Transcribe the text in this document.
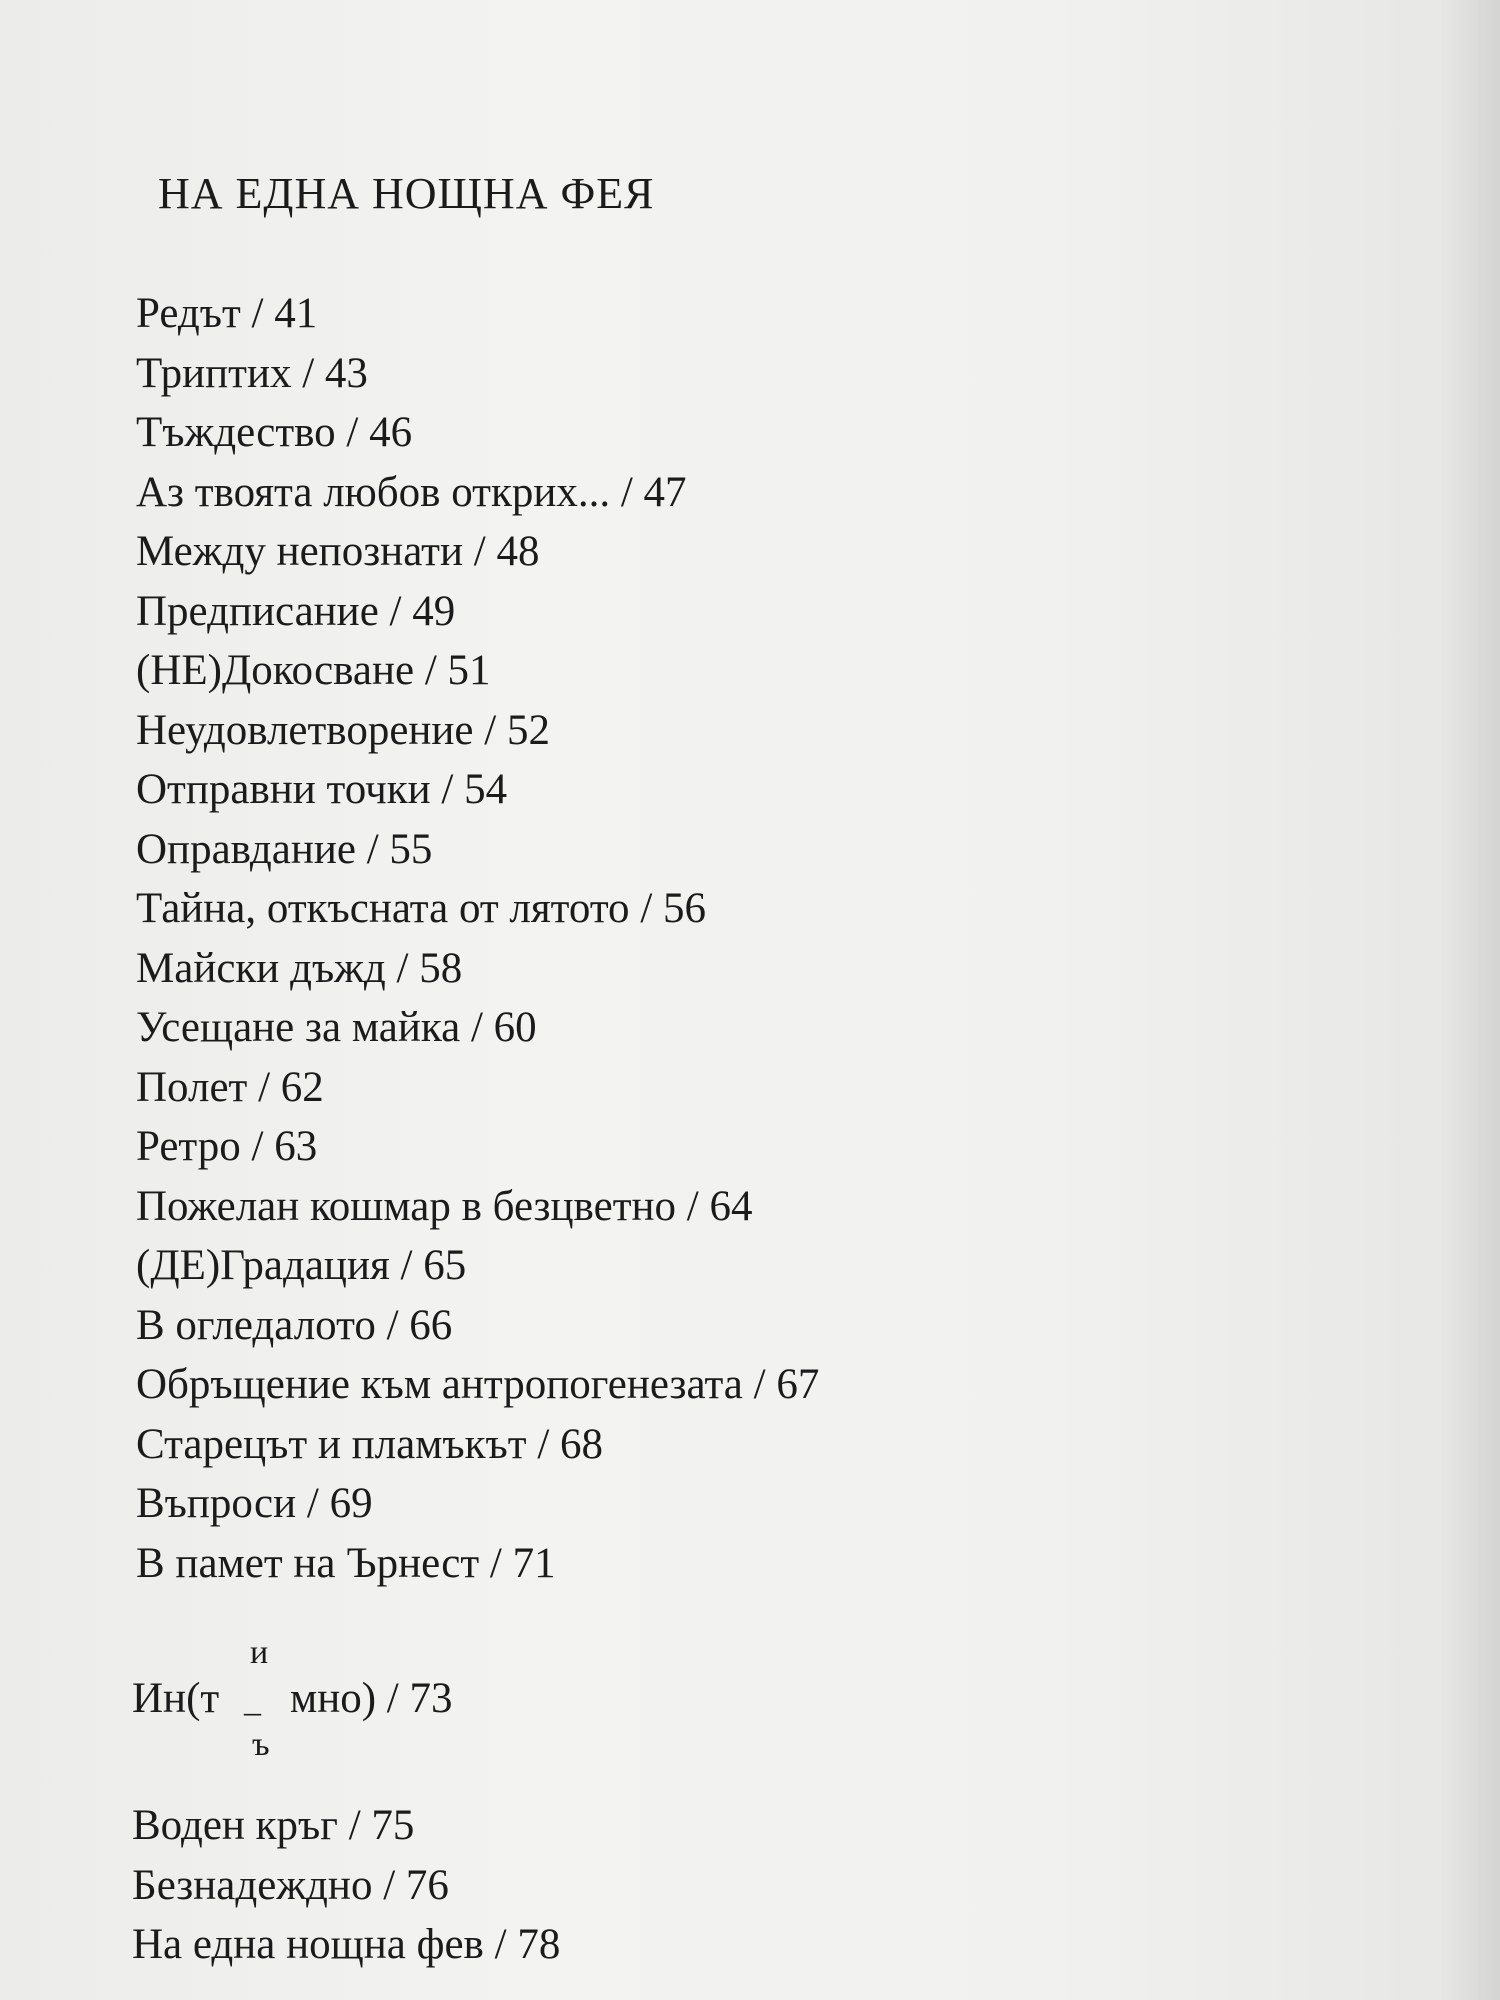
НА ЕДНА НОЩНА ФЕЯ
Редът / 41
Триптих / 43
Тъждество / 46
Аз твоята любов открих... / 47
Между непознати / 48
Предписание / 49
(НЕ)Докосване / 51
Неудовлетворение / 52
Отправни точки / 54
Оправдание / 55
Тайна, откъсната от лятото / 56
Майски дъжд / 58
Усещане за майка / 60
Полет / 62
Ретро / 63
Пожелан кошмар в безцветно / 64
(ДЕ)Градация / 65
В огледалото / 66
Обръщение към антропогенезата / 67
Старецът и пламъкът / 68
Въпроси / 69
В памет на Ърнест / 71
Ин(т
и
_
ъ
мно) / 73
Воден кръг / 75
Безнадеждно / 76
На една нощна фев / 78
